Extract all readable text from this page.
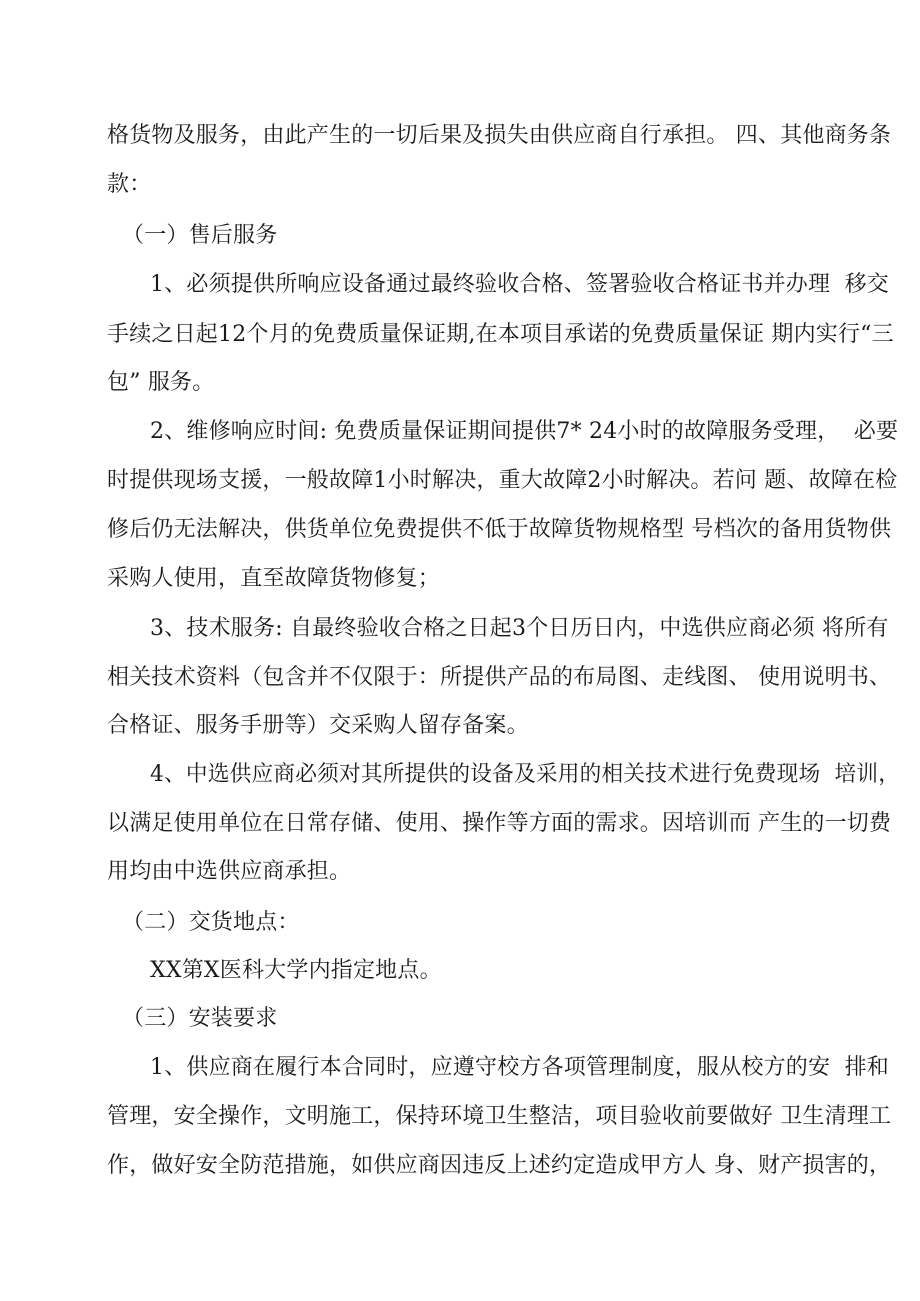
格货物及服务，由此产生的一切后果及损失由供应商自行承担。 四、其他商务条
款：
（一）售后服务
1、必须提供所响应设备通过最终验收合格、签署验收合格证书并办理  移交
手续之日起12个月的免费质量保证期,在本项目承诺的免费质量保证 期内实行“三
包” 服务。
2、维修响应时间: 免费质量保证期间提供7* 24小时的故障服务受理，  必要
时提供现场支援，一般故障1小时解决，重大故障2小时解决。若问 题、故障在检
修后仍无法解决，供货单位免费提供不低于故障货物规格型 号档次的备用货物供
采购人使用，直至故障货物修复；
3、技术服务: 自最终验收合格之日起3个日历日内，中选供应商必须 将所有
相关技术资料（包含并不仅限于：所提供产品的布局图、走线图、 使用说明书、
合格证、服务手册等）交采购人留存备案。
4、中选供应商必须对其所提供的设备及采用的相关技术进行免费现场  培训，
以满足使用单位在日常存储、使用、操作等方面的需求。因培训而 产生的一切费
用均由中选供应商承担。
（二）交货地点：
XX第X医科大学内指定地点。
（三）安装要求
1、供应商在履行本合同时，应遵守校方各项管理制度，服从校方的安  排和
管理，安全操作，文明施工，保持环境卫生整洁，项目验收前要做好 卫生清理工
作，做好安全防范措施，如供应商因违反上述约定造成甲方人 身、财产损害的，
